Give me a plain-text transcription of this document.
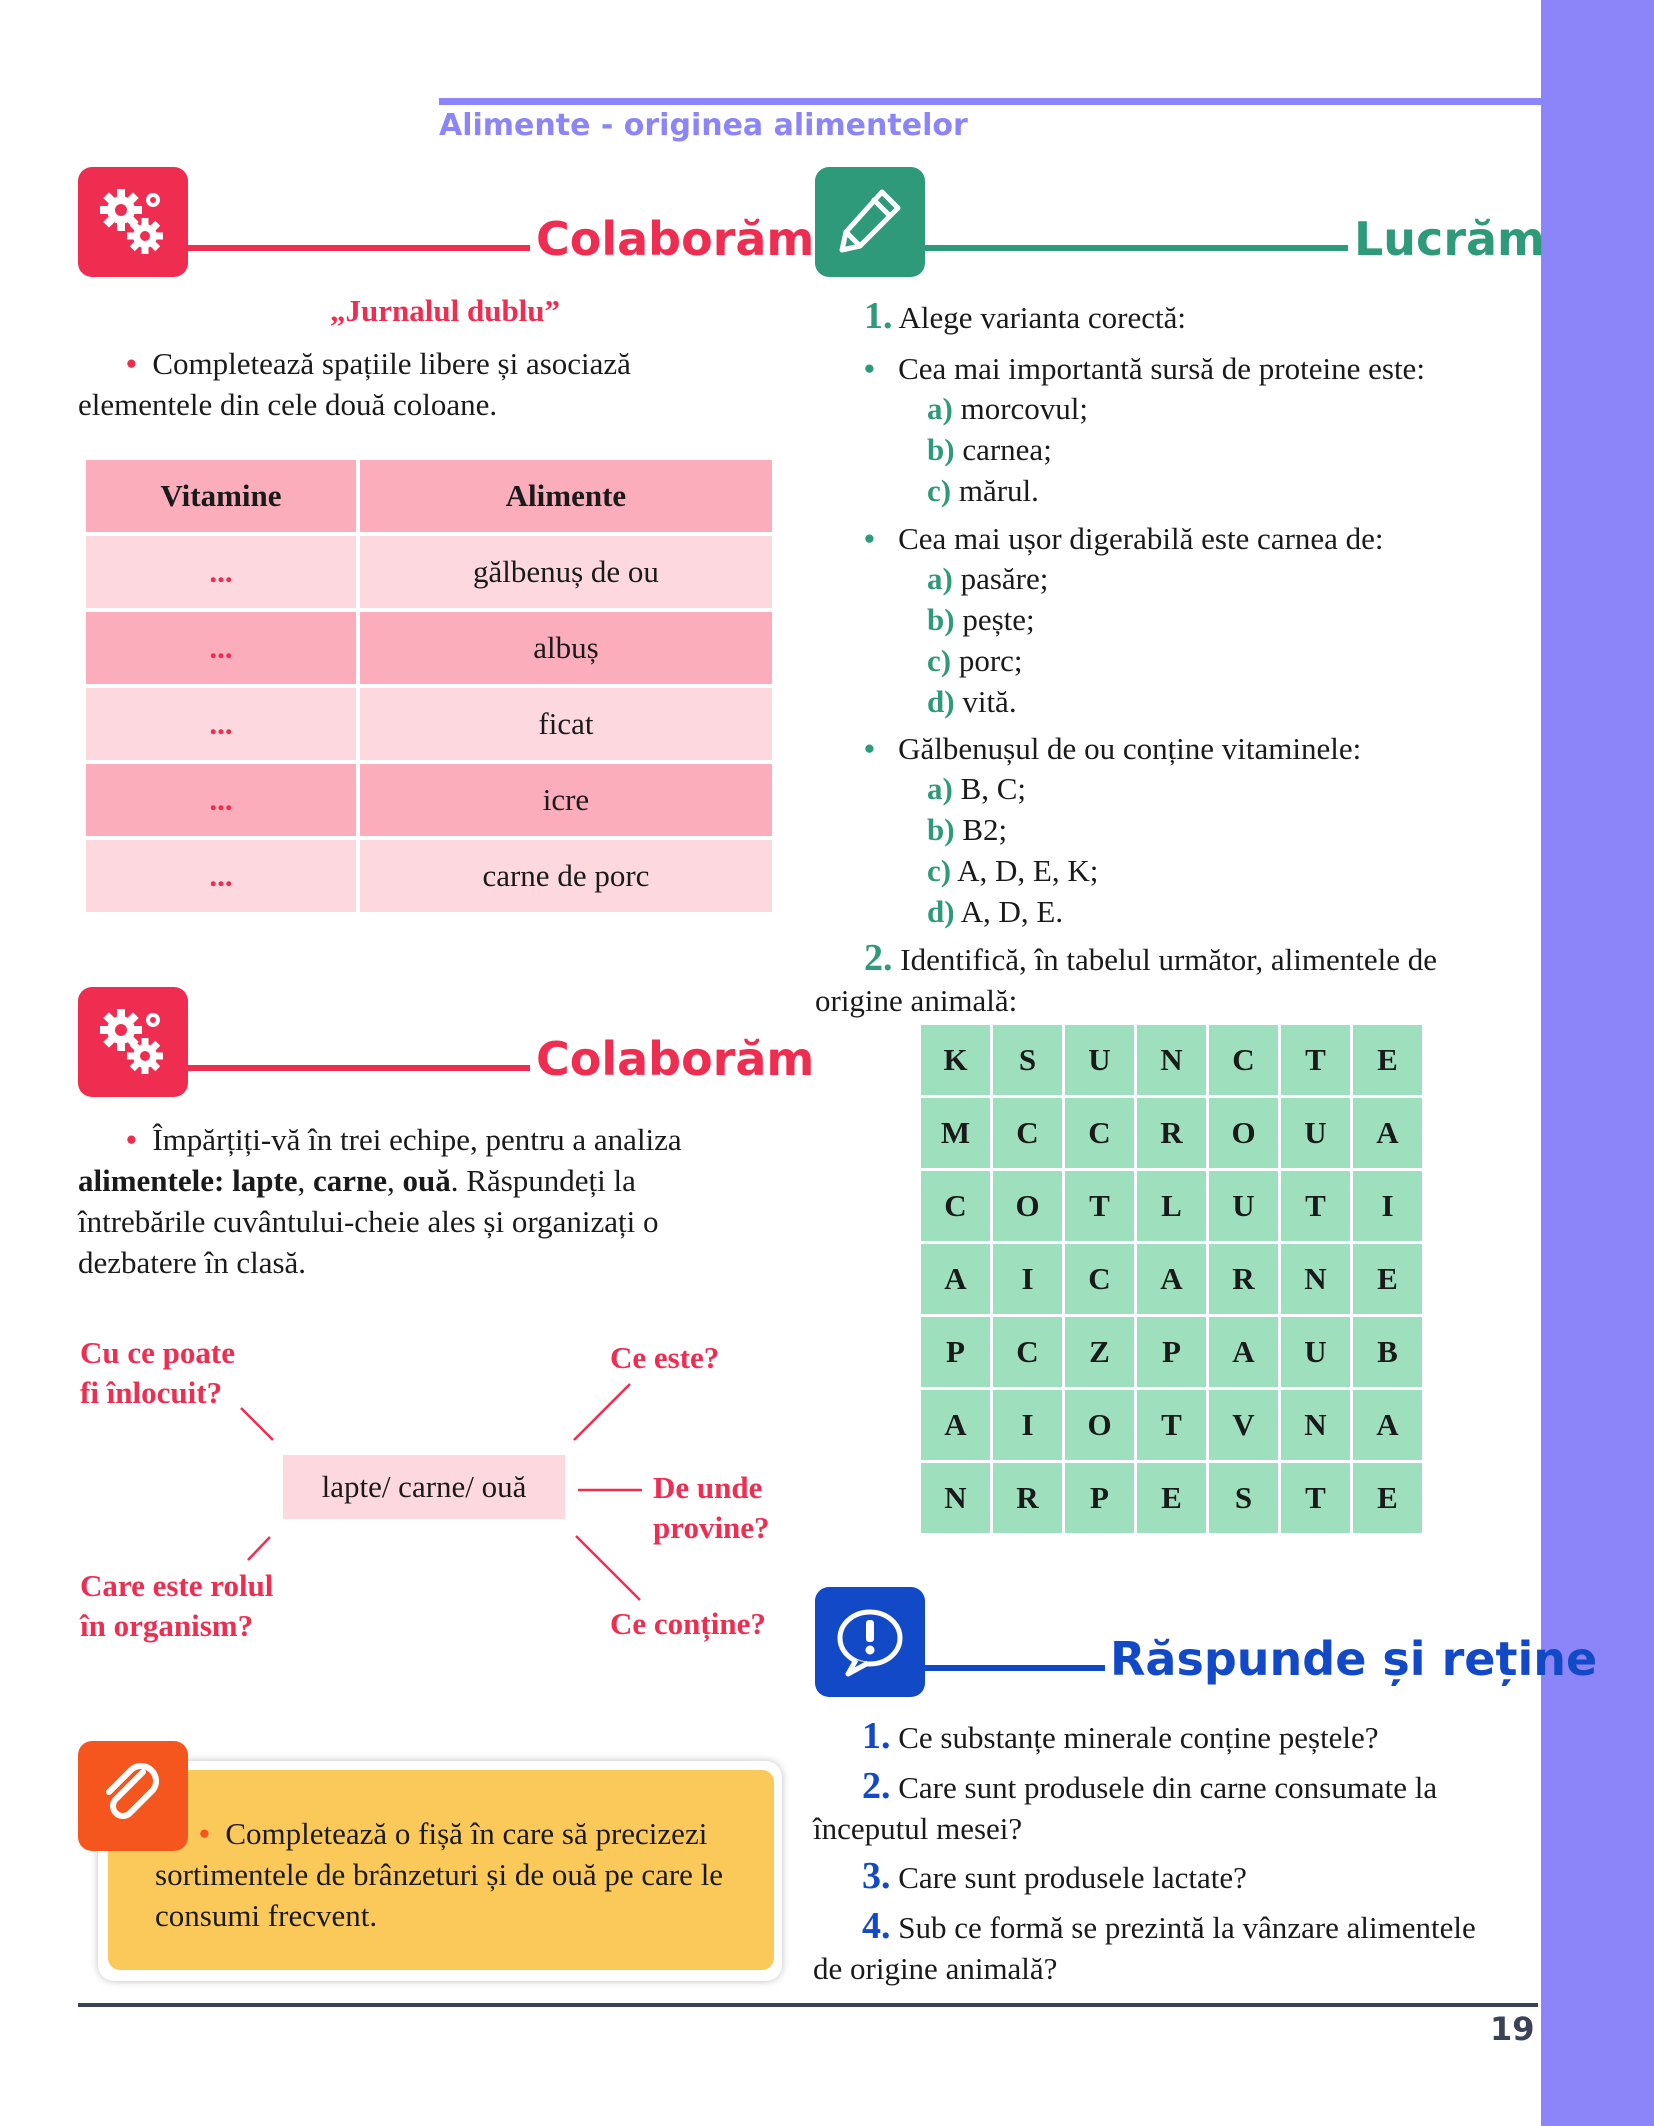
Alimente - originea alimentelor
19
Colaborăm
„Jurnalul dublu”
• Completează spațiile libere și asociază elementele din cele două coloane.
Vitamine	Alimente
...	gălbenuș de ou
...	albuș
...	ficat
...	icre
...	carne de porc
Colaborăm
• Împărțiți-vă în trei echipe, pentru a analiza alimentele: lapte, carne, ouă. Răspundeți la întrebările cuvântului-cheie ales și organizați o dezbatere în clasă.
Cu ce poate
fi înlocuit?
Ce este?
lapte/ carne/ ouă	De unde
provine?
Care este rolul
în organism?	Ce conține?
• Completează o fișă în care să precizezi sortimentele de brânzeturi și de ouă pe care le consumi frecvent.
Lucrăm
1. Alege varianta corectă:
• Cea mai importantă sursă de proteine este:
a) morcovul;
b) carnea;
c) mărul.
• Cea mai ușor digerabilă este carnea de:
a) pasăre;
b) pește;
c) porc;
d) vită.
• Gălbenușul de ou conține vitaminele:
a) B, C;
b) B2;
c) A, D, E, K;
d) A, D, E.
2. Identifică, în tabelul următor, alimentele de origine animală:
K	S	U	N	C	T	E
M	C	C	R	O	U	A
C	O	T	L	U	T	I
A	I	C	A	R	N	E
P	C	Z	P	A	U	B
A	I	O	T	V	N	A
N	R	P	E	S	T	E
Răspunde și reține
1. Ce substanțe minerale conține peștele?
2. Care sunt produsele din carne consumate la începutul mesei?
3. Care sunt produsele lactate?
4. Sub ce formă se prezintă la vânzare alimentele de origine animală?
